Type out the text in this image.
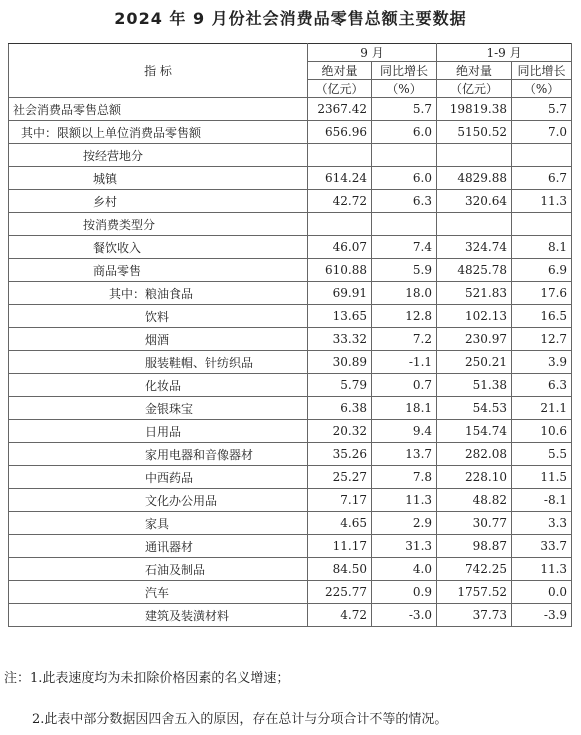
2024 年 9 月份社会消费品零售总额主要数据
指 标	9 月		1-9 月	
	绝对量	同比增长	绝对量	同比增长
	（亿元）	（%）	（亿元）	（%）
社会消费品零售总额	2367.42	5.7	19819.38	5.7
其中：限额以上单位消费品零售额	656.96	6.0	5150.52	7.0
按经营地分				
城镇	614.24	6.0	4829.88	6.7
乡村	42.72	6.3	320.64	11.3
按消费类型分				
餐饮收入	46.07	7.4	324.74	8.1
商品零售	610.88	5.9	4825.78	6.9
其中：粮油食品	69.91	18.0	521.83	17.6
饮料	13.65	12.8	102.13	16.5
烟酒	33.32	7.2	230.97	12.7
服装鞋帽、针纺织品	30.89	-1.1	250.21	3.9
化妆品	5.79	0.7	51.38	6.3
金银珠宝	6.38	18.1	54.53	21.1
日用品	20.32	9.4	154.74	10.6
家用电器和音像器材	35.26	13.7	282.08	5.5
中西药品	25.27	7.8	228.10	11.5
文化办公用品	7.17	11.3	48.82	-8.1
家具	4.65	2.9	30.77	3.3
通讯器材	11.17	31.3	98.87	33.7
石油及制品	84.50	4.0	742.25	11.3
汽车	225.77	0.9	1757.52	0.0
建筑及装潢材料	4.72	-3.0	37.73	-3.9
注：1.此表速度均为未扣除价格因素的名义增速；
2.此表中部分数据因四舍五入的原因，存在总计与分项合计不等的情况。
